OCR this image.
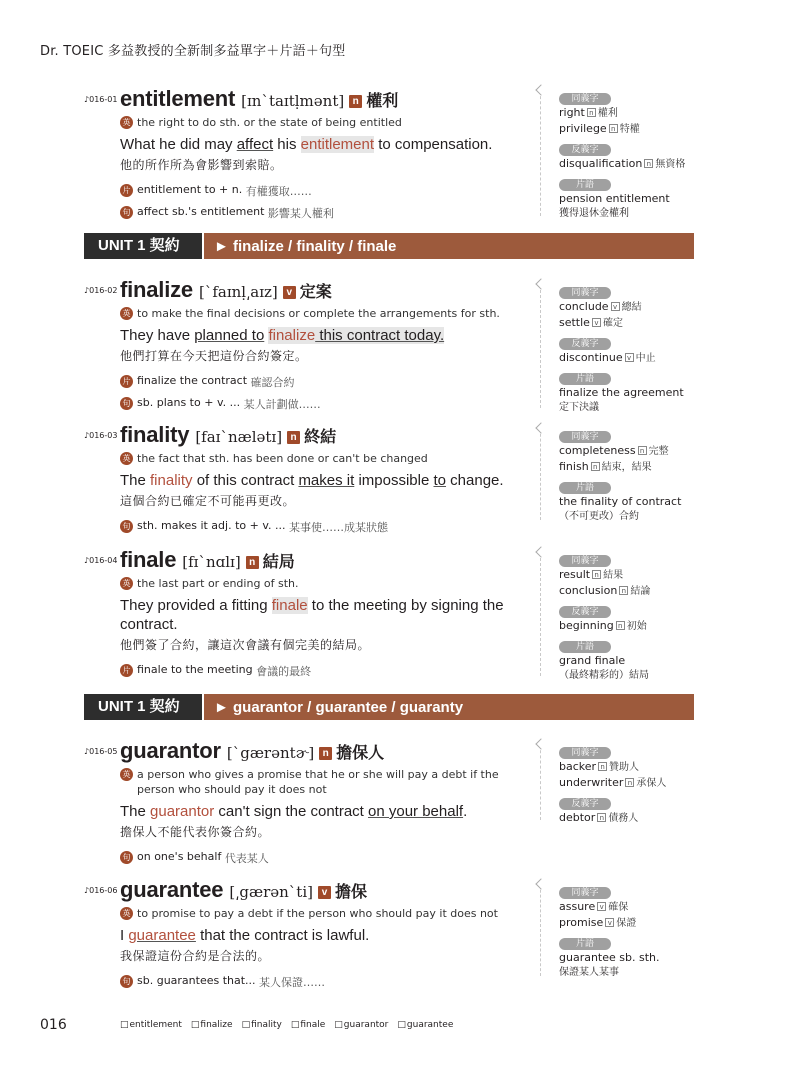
Dr. TOEIC 多益教授的全新制多益單字＋片語＋句型
♪016-01 entitlement [ɪn`taɪtḷmənt] n 權利
英 the right to do sth. or the state of being entitled
What he did may affect his entitlement to compensation.
他的所作所為會影響到索賠。
片 entitlement to + n.
有權獲取……
句 affect sb.'s entitlement
影響某人權利
同義字
right n 權利
privilege n 特權
反義字
disqualification n 無資格
片語
pension entitlement
獲得退休金權利
UNIT 1 契約	► finalize / finality / finale
♪016-02 finalize [`faɪnḷ͵aɪz] v 定案
英 to make the final decisions or complete the arrangements for sth.
They have planned to finalize this contract today.
他們打算在今天把這份合約簽定。
片 finalize the contract
確認合約
句 sb. plans to + v. ...
某人計劃做……
同義字
conclude v 總結
settle v 確定
反義字
discontinue v 中止
片語
finalize the agreement
定下決議
♪016-03 finality [faɪ`nælətɪ] n 終結
英 the fact that sth. has been done or can't be changed
The finality of this contract makes it impossible to change.
這個合約已確定不可能再更改。
句 sth. makes it adj. to + v. ...
某事使……成某狀態
同義字
completeness n 完整
finish n 結束，結果
片語
the finality of contract
（不可更改）合約
♪016-04 finale [fɪ`nɑlɪ] n 結局
英 the last part or ending of sth.
They provided a fitting finale to the meeting by signing the contract.
他們簽了合約，讓這次會議有個完美的結局。
片 finale to the meeting
會議的最終
同義字
result n 結果
conclusion n 結論
反義字
beginning n 初始
片語
grand finale
（最終精彩的）結局
UNIT 1 契約	► guarantor / guarantee / guaranty
♪016-05 guarantor [`gærəntɚ] n 擔保人
英 a person who gives a promise that he or she will pay a debt if the person who should pay it does not
The guarantor can't sign the contract on your behalf.
擔保人不能代表你簽合約。
句 on one's behalf
代表某人
同義字
backer n 贊助人
underwriter n 承保人
反義字
debtor n 債務人
♪016-06 guarantee [͵gærən`ti] v 擔保
英 to promise to pay a debt if the person who should pay it does not
I guarantee that the contract is lawful.
我保證這份合約是合法的。
句 sb. guarantees that...
某人保證……
同義字
assure v 確保
promise v 保證
片語
guarantee sb. sth.
保證某人某事
016	□ entitlement	□ finalize	□ finality	□ finale	□ guarantor	□ guarantee
